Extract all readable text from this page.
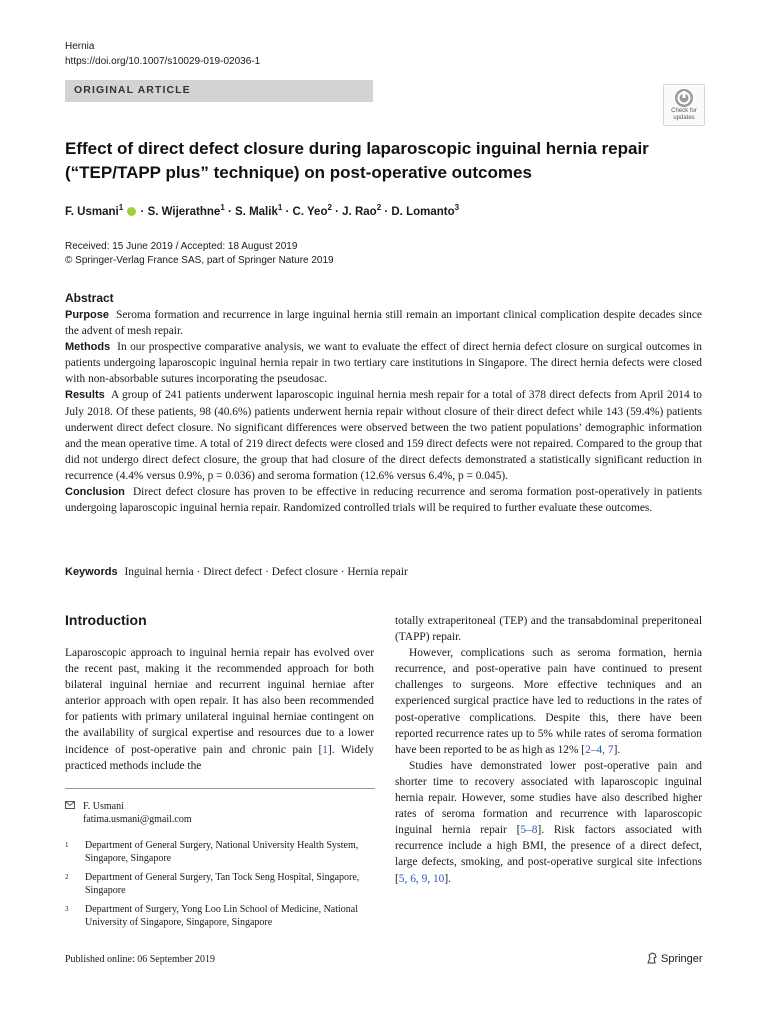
Hernia
https://doi.org/10.1007/s10029-019-02036-1
ORIGINAL ARTICLE
Check for updates
Effect of direct defect closure during laparoscopic inguinal hernia repair (“TEP/TAPP plus” technique) on post-operative outcomes
F. Usmani$^1$  · S. Wijerathne$^1$ · S. Malik$^1$ · C. Yeo$^2$ · J. Rao$^2$ · D. Lomanto$^3$
Received: 15 June 2019 / Accepted: 18 August 2019
© Springer-Verlag France SAS, part of Springer Nature 2019
Abstract

Purpose Seroma formation and recurrence in large inguinal hernia still remain an important clinical complication despite decades since the advent of mesh repair.

Methods In our prospective comparative analysis, we want to evaluate the effect of direct hernia defect closure on surgical outcomes in patients undergoing laparoscopic inguinal hernia repair in two tertiary care institutions in Singapore. The direct hernia defects were closed with non-absorbable sutures incorporating the pseudosac.

Results A group of 241 patients underwent laparoscopic inguinal hernia mesh repair for a total of 378 direct defects from April 2014 to July 2018. Of these patients, 98 (40.6%) patients underwent hernia repair without closure of their direct defect while 143 (59.4%) patients underwent direct defect closure. No significant differences were observed between the two patient populations’ demographic information and the mean operative time. A total of 219 direct defects were closed and 159 direct defects were not repaired. Compared to the group that did not undergo direct defect closure, the group that had closure of the direct defects demonstrated a statistically significant reduction in recurrence (4.4% versus 0.9%, p = 0.036) and seroma formation (12.6% versus 6.4%, p = 0.045).

Conclusion Direct defect closure has proven to be effective in reducing recurrence and seroma formation post-operatively in patients undergoing laparoscopic inguinal hernia repair. Randomized controlled trials will be required to further evaluate these outcomes.

Keywords Inguinal hernia · Direct defect · Defect closure · Hernia repair
Introduction

Laparoscopic approach to inguinal hernia repair has evolved over the recent past, making it the recommended approach for both bilateral inguinal herniae and recurrent inguinal herniae after anterior approach with open repair. It has also been recommended for patients with primary unilateral inguinal herniae contingent on the availability of surgical expertise and resources due to a lower incidence of post-operative pain and chronic pain [1]. Widely practiced methods include the

totally extraperitoneal (TEP) and the transabdominal preperitoneal (TAPP) repair.

However, complications such as seroma formation, hernia recurrence, and post-operative pain have continued to present challenges to surgeons. More effective techniques and an experienced surgical practice have led to reductions in the rates of post-operative complications. Despite this, there have been reported recurrence rates up to 5% while rates of seroma formation have been reported to be as high as 12% [2–4, 7].

Studies have demonstrated lower post-operative pain and shorter time to recovery associated with laparoscopic inguinal hernia repair. However, some studies have also described higher rates of seroma formation and recurrence with laparoscopic inguinal hernia repair [5–8]. Risk factors associated with recurrence include a high BMI, the presence of a direct defect, large defects, smoking, and post-operative surgical site infections [5, 6, 9, 10].

F. Usmani
fatima.usmani@gmail.com
1 Department of General Surgery, National University Health System, Singapore, Singapore
2 Department of General Surgery, Tan Tock Seng Hospital, Singapore, Singapore
3 Department of Surgery, Yong Loo Lin School of Medicine, National University of Singapore, Singapore, Singapore
Published online: 06 September 2019	Springer
